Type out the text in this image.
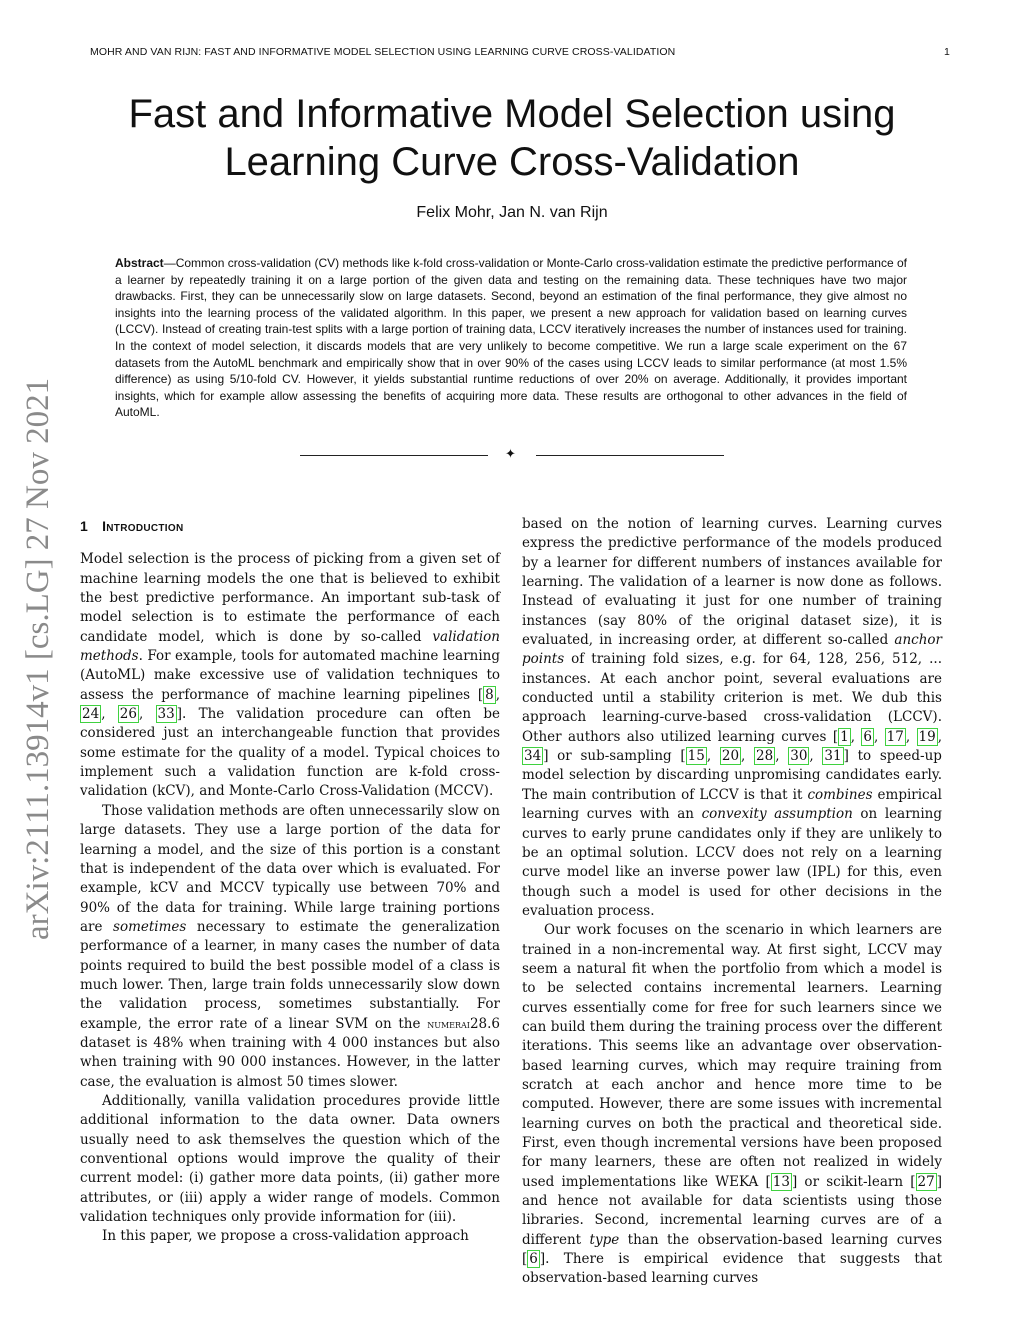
MOHR AND VAN RIJN: FAST AND INFORMATIVE MODEL SELECTION USING LEARNING CURVE CROSS-VALIDATION	1
Fast and Informative Model Selection using
Learning Curve Cross-Validation
Felix Mohr, Jan N. van Rijn
Abstract—Common cross-validation (CV) methods like k-fold cross-validation or Monte-Carlo cross-validation estimate the predictive performance of a learner by repeatedly training it on a large portion of the given data and testing on the remaining data. These techniques have two major drawbacks. First, they can be unnecessarily slow on large datasets. Second, beyond an estimation of the final performance, they give almost no insights into the learning process of the validated algorithm. In this paper, we present a new approach for validation based on learning curves (LCCV). Instead of creating train-test splits with a large portion of training data, LCCV iteratively increases the number of instances used for training. In the context of model selection, it discards models that are very unlikely to become competitive. We run a large scale experiment on the 67 datasets from the AutoML benchmark and empirically show that in over 90% of the cases using LCCV leads to similar performance (at most 1.5% difference) as using 5/10-fold CV. However, it yields substantial runtime reductions of over 20% on average. Additionally, it provides important insights, which for example allow assessing the benefits of acquiring more data. These results are orthogonal to other advances in the field of AutoML.
✦
arXiv:2111.13914v1 [cs.LG] 27 Nov 2021 1 Introduction

Model selection is the process of picking from a given set of machine learning models the one that is believed to exhibit the best predictive performance. An important sub-task of model selection is to estimate the performance of each candidate model, which is done by so-called validation methods. For example, tools for automated machine learning (AutoML) make excessive use of validation techniques to assess the performance of machine learning pipelines [ 8 , 24 , 26 , 33 ]. The validation procedure can often be considered just an interchangeable function that provides some estimate for the quality of a model. Typical choices to implement such a validation function are k-fold cross-validation (kCV), and Monte-Carlo Cross-Validation (MCCV).

Those validation methods are often unnecessarily slow on large datasets. They use a large portion of the data for learning a model, and the size of this portion is a constant that is independent of the data over which is evaluated. For example, kCV and MCCV typically use between 70% and 90% of the data for training. While large training portions are sometimes necessary to estimate the generalization performance of a learner, in many cases the number of data points required to build the best possible model of a class is much lower. Then, large train folds unnecessarily slow down the validation process, sometimes substantially. For example, the error rate of a linear SVM on the numerai28.6 dataset is 48% when training with 4 000 instances but also when training with 90 000 instances. However, in the latter case, the evaluation is almost 50 times slower.

Additionally, vanilla validation procedures provide little additional information to the data owner. Data owners usually need to ask themselves the question which of the conventional options would improve the quality of their current model: (i) gather more data points, (ii) gather more attributes, or (iii) apply a wider range of models. Common validation techniques only provide information for (iii).

In this paper, we propose a cross-validation approach

based on the notion of learning curves. Learning curves express the predictive performance of the models produced by a learner for different numbers of instances available for learning. The validation of a learner is now done as follows. Instead of evaluating it just for one number of training instances (say 80% of the original dataset size), it is evaluated, in increasing order, at different so-called anchor points of training fold sizes, e.g. for 64, 128, 256, 512, ... instances. At each anchor point, several evaluations are conducted until a stability criterion is met. We dub this approach learning-curve-based cross-validation (LCCV). Other authors also utilized learning curves [ 1 , 6 , 17 , 19 , 34 ] or sub-sampling [ 15 , 20 , 28 , 30 , 31 ] to speed-up model selection by discarding unpromising candidates early. The main contribution of LCCV is that it combines empirical learning curves with an convexity assumption on learning curves to early prune candidates only if they are unlikely to be an optimal solution. LCCV does not rely on a learning curve model like an inverse power law (IPL) for this, even though such a model is used for other decisions in the evaluation process.

Our work focuses on the scenario in which learners are trained in a non-incremental way. At first sight, LCCV may seem a natural fit when the portfolio from which a model is to be selected contains incremental learners. Learning curves essentially come for free for such learners since we can build them during the training process over the different iterations. This seems like an advantage over observation-based learning curves, which may require training from scratch at each anchor and hence more time to be computed. However, there are some issues with incremental learning curves on both the practical and theoretical side. First, even though incremental versions have been proposed for many learners, these are often not realized in widely used implementations like WEKA [ 13 ] or scikit-learn [ 27 ] and hence not available for data scientists using those libraries. Second, incremental learning curves are of a different type than the observation-based learning curves [ 6 ]. There is empirical evidence that suggests that observation-based learning curves
